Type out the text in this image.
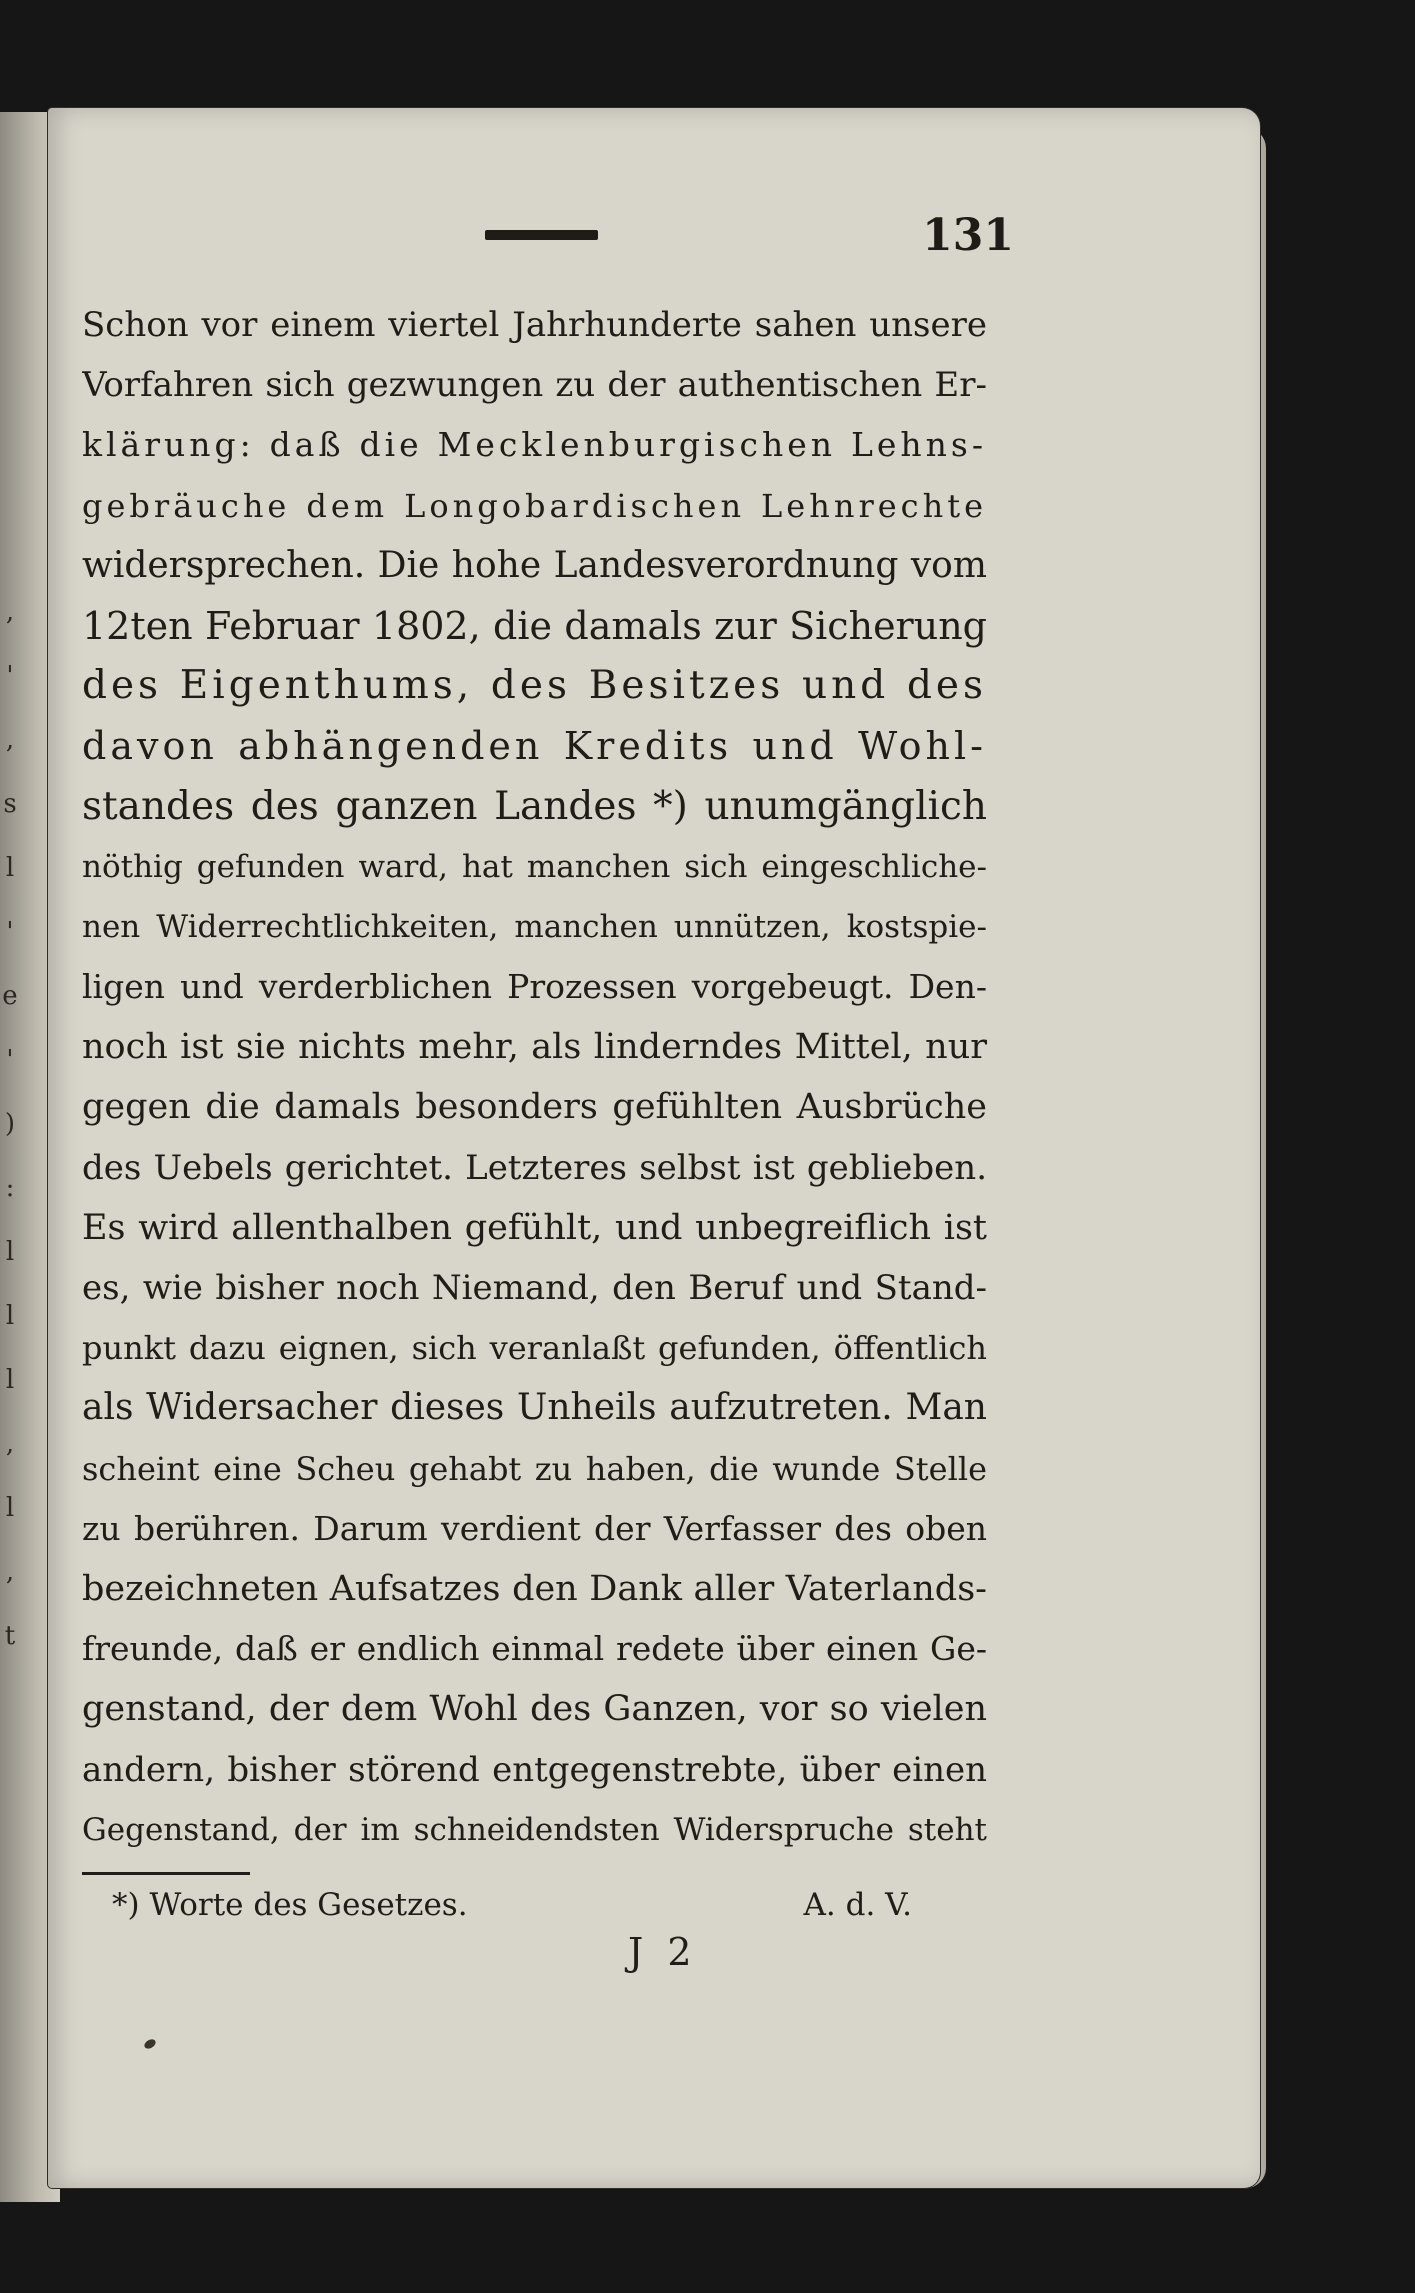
,
'
,
s
l
'
e
'
)
:
l
l
l
,
l
,
t
131
Schon vor einem viertel Jahrhunderte sahen unsere
Vorfahren sich gezwungen zu der authentischen Er-
klärung: daß die Mecklenburgischen Lehns-
gebräuche dem Longobardischen Lehnrechte
widersprechen. Die hohe Landesverordnung vom
12ten Februar 1802, die damals zur Sicherung
des Eigenthums, des Besitzes und des
davon abhängenden Kredits und Wohl-
standes des ganzen Landes *) unumgänglich
nöthig gefunden ward, hat manchen sich eingeschliche-
nen Widerrechtlichkeiten, manchen unnützen, kostspie-
ligen und verderblichen Prozessen vorgebeugt. Den-
noch ist sie nichts mehr, als linderndes Mittel, nur
gegen die damals besonders gefühlten Ausbrüche
des Uebels gerichtet. Letzteres selbst ist geblieben.
Es wird allenthalben gefühlt, und unbegreiflich ist
es, wie bisher noch Niemand, den Beruf und Stand-
punkt dazu eignen, sich veranlaßt gefunden, öffentlich
als Widersacher dieses Unheils aufzutreten. Man
scheint eine Scheu gehabt zu haben, die wunde Stelle
zu berühren. Darum verdient der Verfasser des oben
bezeichneten Aufsatzes den Dank aller Vaterlands-
freunde, daß er endlich einmal redete über einen Ge-
genstand, der dem Wohl des Ganzen, vor so vielen
andern, bisher störend entgegenstrebte, über einen
Gegenstand, der im schneidendsten Widerspruche steht
*) Worte des Gesetzes.	A. d. V.
J 2
